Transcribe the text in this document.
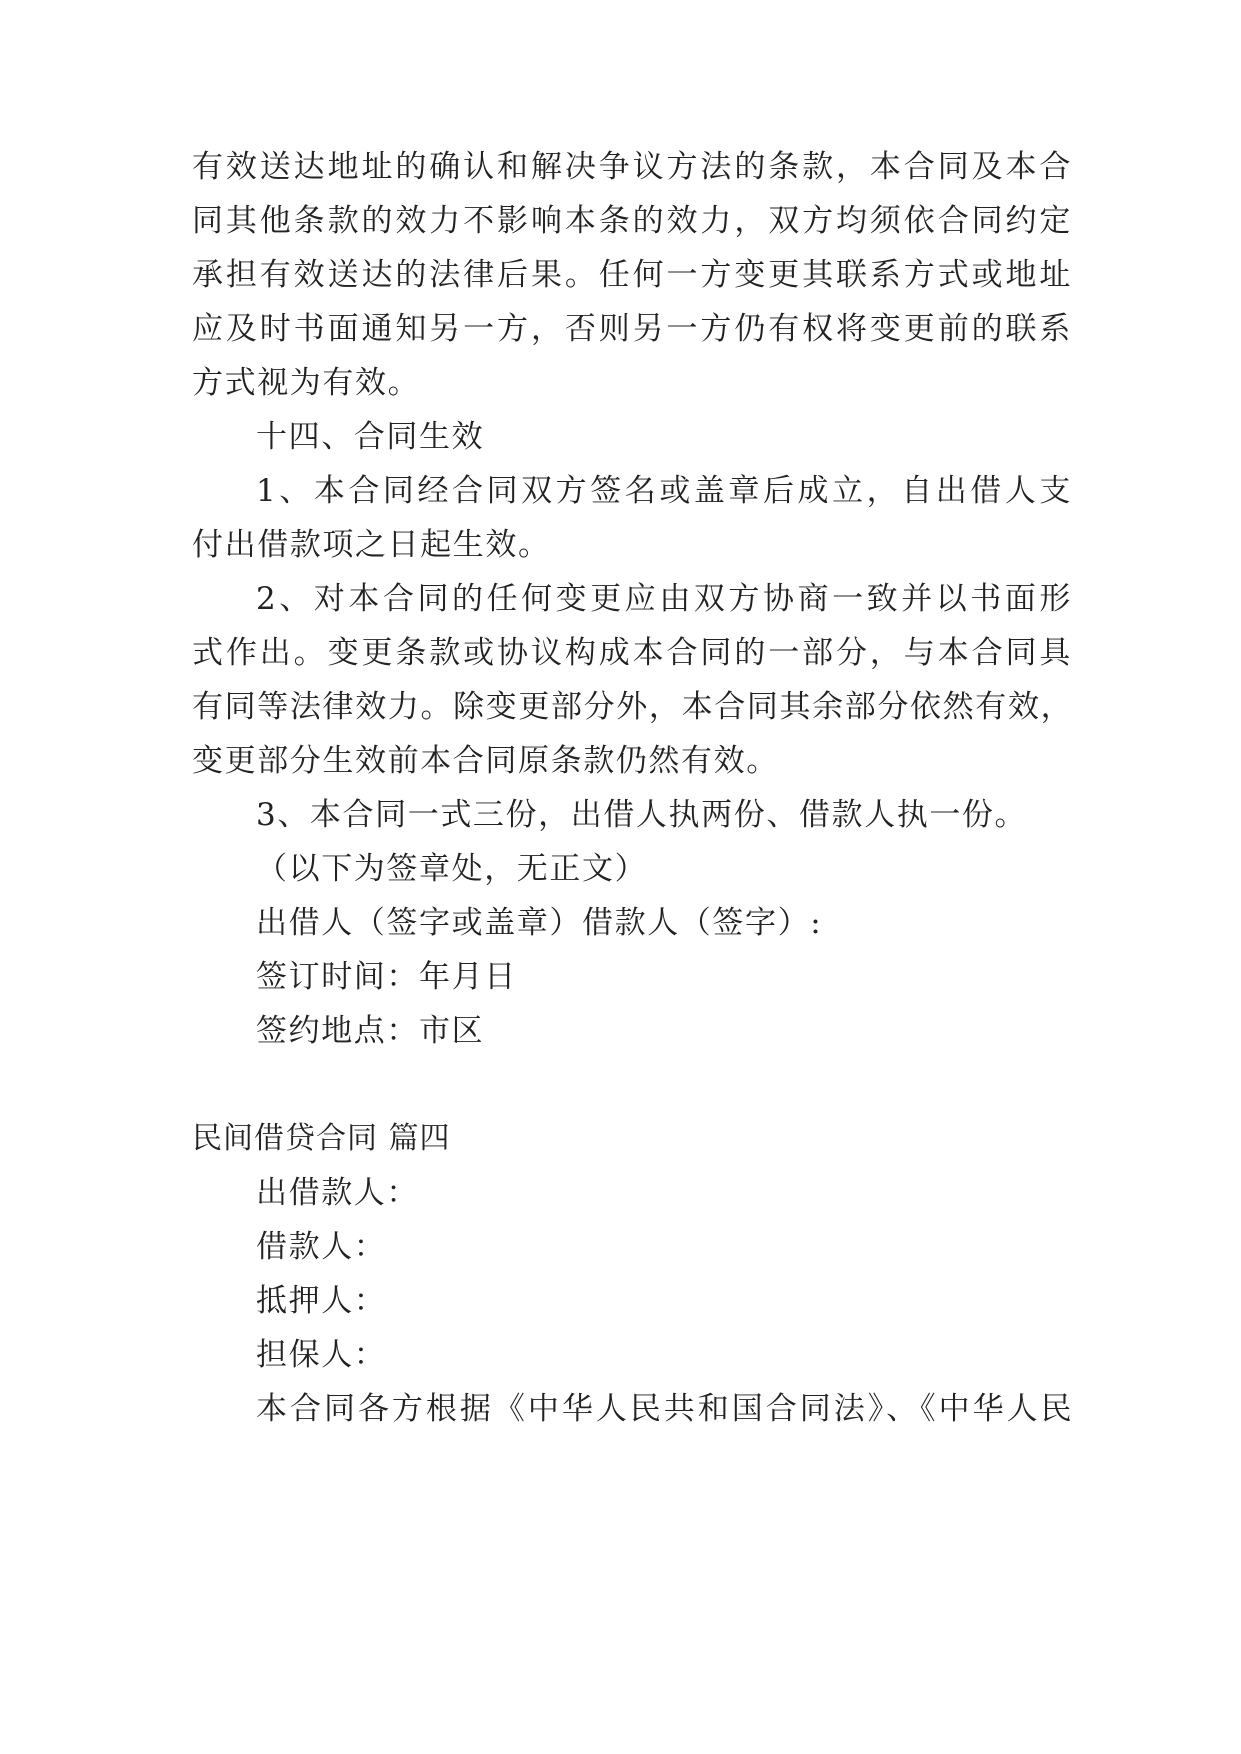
有效送达地址的确认和解决争议方法的条款，本合同及本合
同其他条款的效力不影响本条的效力，双方均须依合同约定
承担有效送达的法律后果。任何一方变更其联系方式或地址
应及时书面通知另一方，否则另一方仍有权将变更前的联系
方式视为有效。
十四、合同生效
1、本合同经合同双方签名或盖章后成立，自出借人支
付出借款项之日起生效。
2、对本合同的任何变更应由双方协商一致并以书面形
式作出。变更条款或协议构成本合同的一部分，与本合同具
有同等法律效力。除变更部分外，本合同其余部分依然有效，
变更部分生效前本合同原条款仍然有效。
3、本合同一式三份，出借人执两份、借款人执一份。
（以下为签章处，无正文）
出借人（签字或盖章）借款人（签字）:
签订时间：年月日
签约地点：市区
民间借贷合同 篇四
出借款人：
借款人：
抵押人：
担保人：
本合同各方根据《中华人民共和国合同法》、《中华人民
